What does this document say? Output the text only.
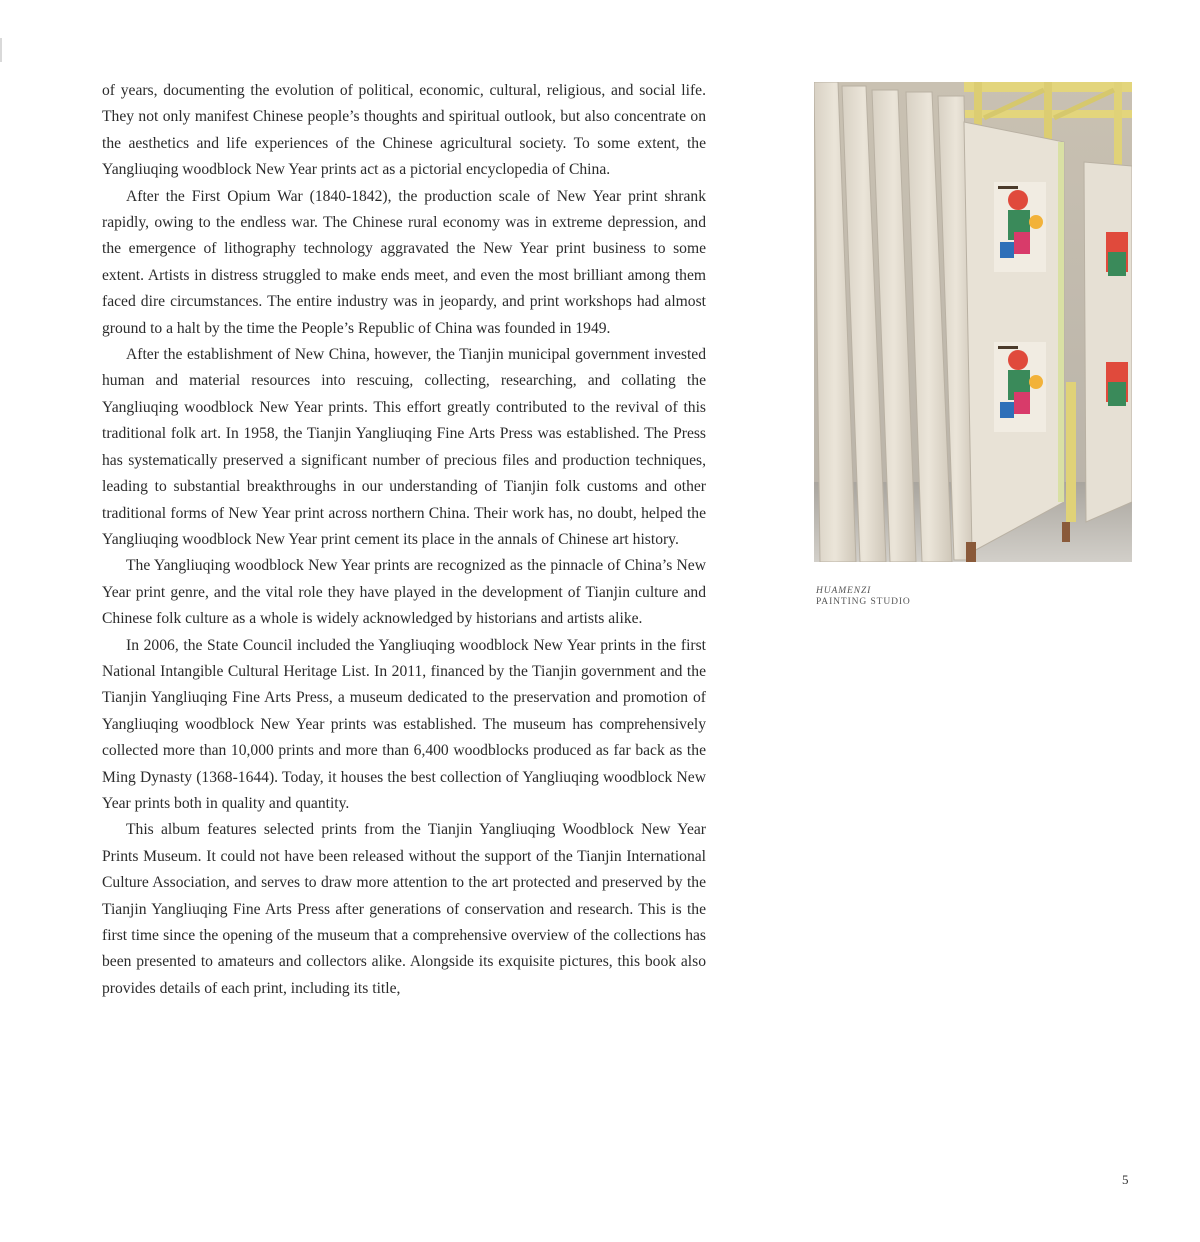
of years, documenting the evolution of political, economic, cultural, religious, and social life. They not only manifest Chinese people’s thoughts and spiritual outlook, but also concentrate on the aesthetics and life experiences of the Chinese agricultural society. To some extent, the Yangliuqing woodblock New Year prints act as a pictorial encyclopedia of China.

After the First Opium War (1840-1842), the production scale of New Year print shrank rapidly, owing to the endless war. The Chinese rural economy was in extreme depression, and the emergence of lithography technology aggravated the New Year print business to some extent. Artists in distress struggled to make ends meet, and even the most brilliant among them faced dire circumstances. The entire industry was in jeopardy, and print workshops had almost ground to a halt by the time the People’s Republic of China was founded in 1949.

After the establishment of New China, however, the Tianjin municipal government invested human and material resources into rescuing, collecting, researching, and collating the Yangliuqing woodblock New Year prints. This effort greatly contributed to the revival of this traditional folk art. In 1958, the Tianjin Yangliuqing Fine Arts Press was established. The Press has systematically preserved a significant number of precious files and production techniques, leading to substantial breakthroughs in our understanding of Tianjin folk customs and other traditional forms of New Year print across northern China. Their work has, no doubt, helped the Yangliuqing woodblock New Year print cement its place in the annals of Chinese art history.

The Yangliuqing woodblock New Year prints are recognized as the pinnacle of China’s New Year print genre, and the vital role they have played in the development of Tianjin culture and Chinese folk culture as a whole is widely acknowledged by historians and artists alike.

In 2006, the State Council included the Yangliuqing woodblock New Year prints in the first National Intangible Cultural Heritage List. In 2011, financed by the Tianjin government and the Tianjin Yangliuqing Fine Arts Press, a museum dedicated to the preservation and promotion of Yangliuqing woodblock New Year prints was established. The museum has comprehensively collected more than 10,000 prints and more than 6,400 woodblocks produced as far back as the Ming Dynasty (1368-1644). Today, it houses the best collection of Yangliuqing woodblock New Year prints both in quality and quantity.

This album features selected prints from the Tianjin Yangliuqing Woodblock New Year Prints Museum. It could not have been released without the support of the Tianjin International Culture Association, and serves to draw more attention to the art protected and preserved by the Tianjin Yangliuqing Fine Arts Press after generations of conservation and research. This is the first time since the opening of the museum that a comprehensive overview of the collections has been presented to amateurs and collectors alike. Alongside its exquisite pictures, this book also provides details of each print, including its title,

HUAMENZI
PAINTING STUDIO
5
